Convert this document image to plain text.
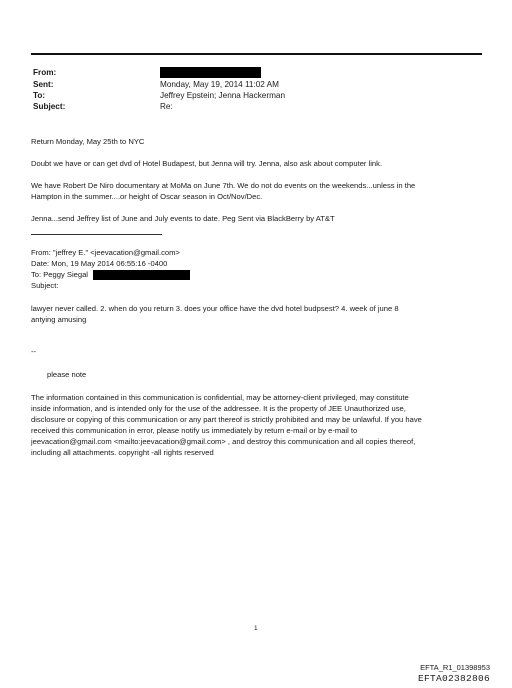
From:
Sent:	Monday, May 19, 2014 11:02 AM
To:	Jeffrey Epstein; Jenna Hackerman
Subject:	Re:
Return Monday, May 25th to NYC
Doubt we have or can get dvd of Hotel Budapest, but Jenna will try. Jenna, also ask about computer link.
We have Robert De Niro documentary at MoMa on June 7th. We do not do events on the weekends...unless in the
Hampton in the summer....or height of Oscar season in Oct/Nov/Dec.
Jenna...send Jeffrey list of June and July events to date. Peg Sent via BlackBerry by AT&T
From: "jeffrey E." <jeevacation@gmail.com>
Date: Mon, 19 May 2014 06:55:16 -0400
To: Peggy Siegal
Subject:
lawyer never called. 2. when do you return 3. does your office have the dvd hotel budpsest? 4. week of june 8
antying amusing
--
please note
The information contained in this communication is confidential, may be attorney-client privileged, may constitute
inside information, and is intended only for the use of the addressee. It is the property of JEE Unauthorized use,
disclosure or copying of this communication or any part thereof is strictly prohibited and may be unlawful. If you have
received this communication in error, please notify us immediately by return e-mail or by e-mail to
jeevacation@gmail.com <mailto:jeevacation@gmail.com> , and destroy this communication and all copies thereof,
including all attachments. copyright -all rights reserved
1
EFTA_R1_01398953
EFTA02382806
